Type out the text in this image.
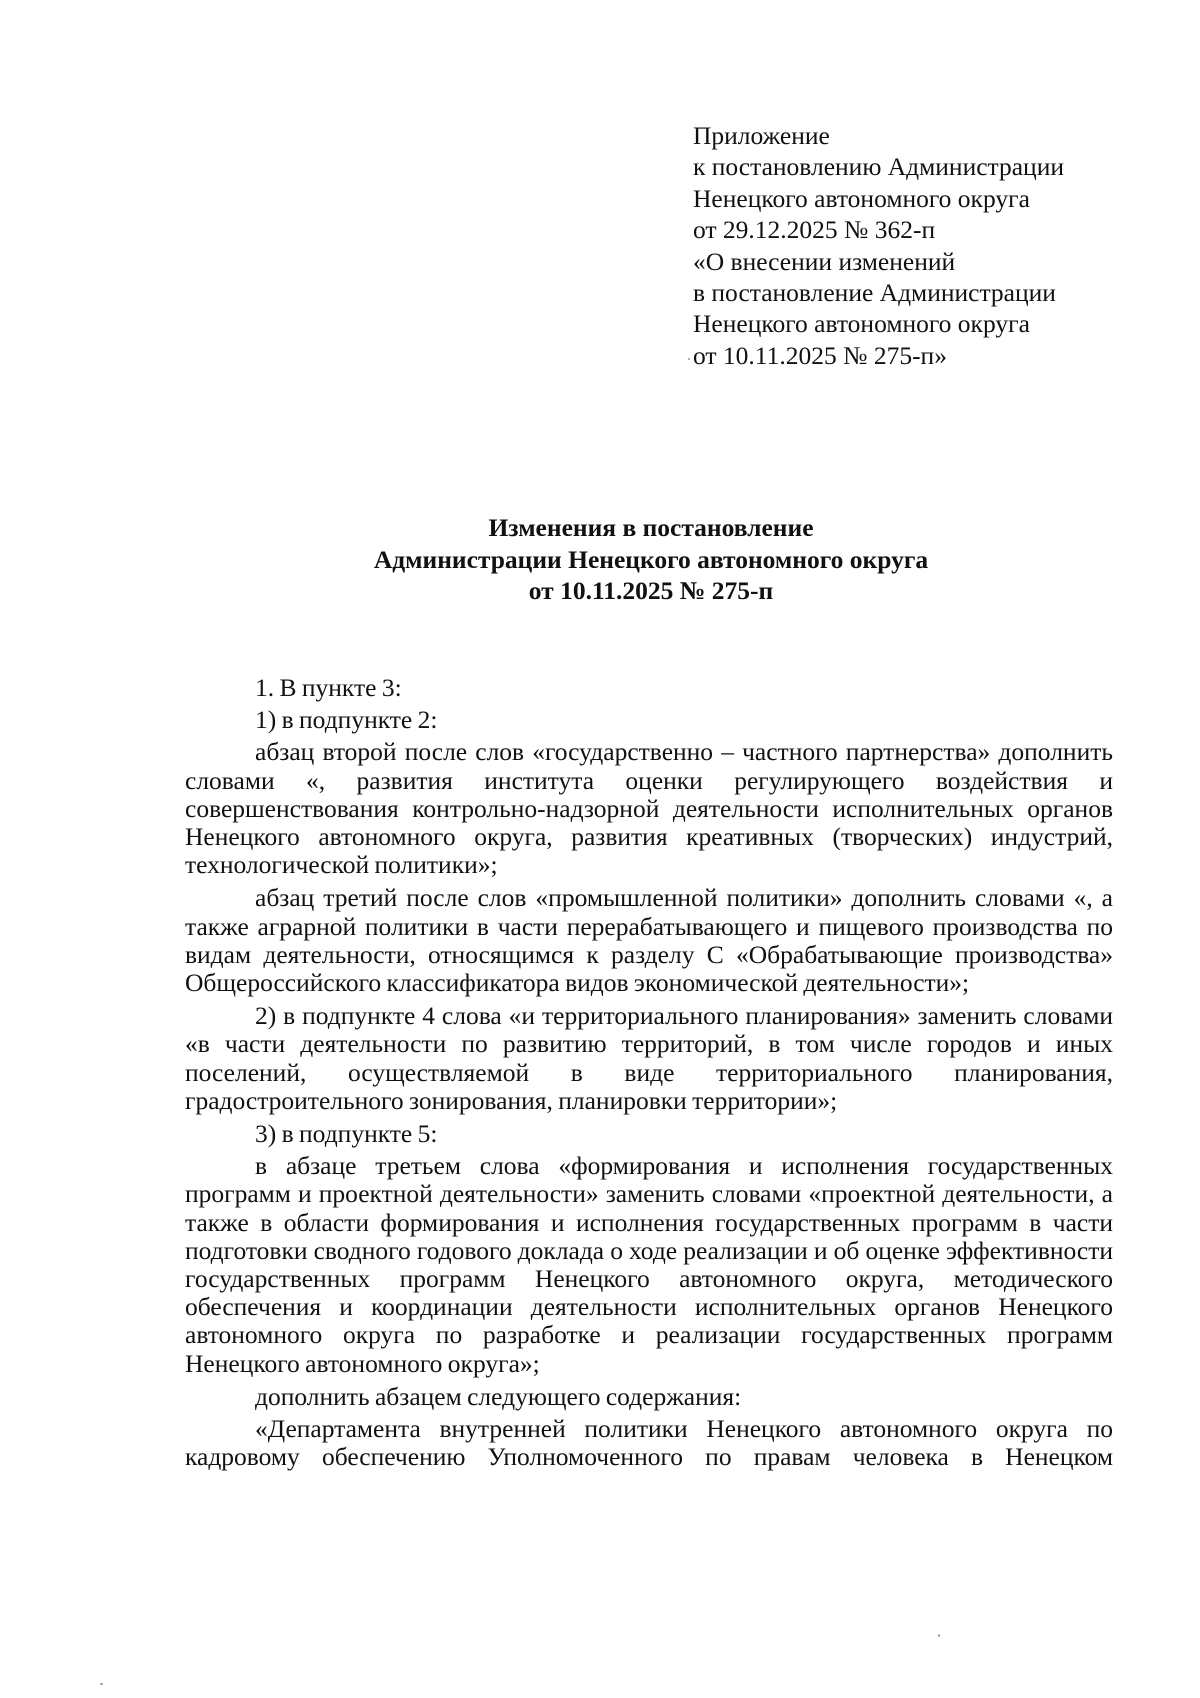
Приложение
к постановлению Администрации
Ненецкого автономного округа
от 29.12.2025 № 362-п
«О внесении изменений
в постановление Администрации
Ненецкого автономного округа
от 10.11.2025 № 275-п»
Изменения в постановление
Администрации Ненецкого автономного округа
от 10.11.2025 № 275-п

1. В пункте 3:

1) в подпункте 2:

абзац второй после слов «государственно – частного партнерства» дополнить словами «, развития института оценки регулирующего воздействия и совершенствования контрольно-надзорной деятельности исполнительных органов Ненецкого автономного округа, развития креативных (творческих) индустрий, технологической политики»;

абзац третий после слов «промышленной политики» дополнить словами «, а также аграрной политики в части перерабатывающего и пищевого производства по видам деятельности, относящимся к разделу С «Обрабатывающие производства» Общероссийского классификатора видов экономической деятельности»;

2) в подпункте 4 слова «и территориального планирования» заменить словами «в части деятельности по развитию территорий, в том числе городов и иных поселений, осуществляемой в виде территориального планирования, градостроительного зонирования, планировки территории»;

3) в подпункте 5:

в абзаце третьем слова «формирования и исполнения государственных программ и проектной деятельности» заменить словами «проектной деятельности, а также в области формирования и исполнения государственных программ в части подготовки сводного годового доклада о ходе реализации и об оценке эффективности государственных программ Ненецкого автономного округа, методического обеспечения и координации деятельности исполнительных органов Ненецкого автономного округа по разработке и реализации государственных программ Ненецкого автономного округа»;

дополнить абзацем следующего содержания:

«Департамента внутренней политики Ненецкого автономного округа по кадровому обеспечению Уполномоченного по правам человека в Ненецком
